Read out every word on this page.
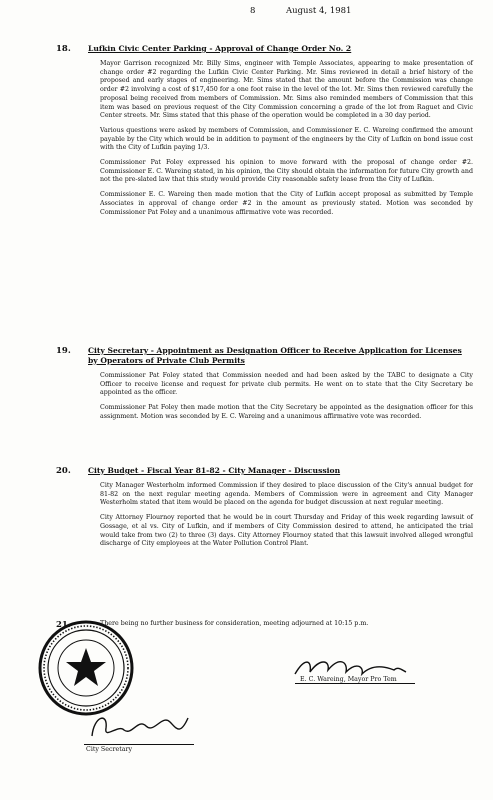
8	August 4, 1981
18. Lufkin Civic Center Parking - Approval of Change Order No. 2
Mayor Garrison recognized Mr. Billy Sims, engineer with Temple Associates, appearing to make presentation of change order #2 regarding the Lufkin Civic Center Parking. Mr. Sims reviewed in detail a brief history of the proposed and early stages of engineering. Mr. Sims stated that the amount before the Commission was change order #2 involving a cost of $17,450 for a one foot raise in the level of the lot. Mr. Sims then reviewed carefully the proposal being received from members of Commission. Mr. Sims also reminded members of Commission that this item was based on previous request of the City Commission concerning a grade of the lot from Raguet and Civic Center streets. Mr. Sims stated that this phase of the operation would be completed in a 30 day period.
Various questions were asked by members of Commission, and Commissioner E. C. Wareing confirmed the amount payable by the City which would be in addition to payment of the engineers by the City of Lufkin on bond issue cost with the City of Lufkin paying 1/3.
Commissioner Pat Foley expressed his opinion to move forward with the proposal of change order #2. Commissioner E. C. Wareing stated, in his opinion, the City should obtain the information for future City growth and not the pre-slated law that this study would provide City reasonable safety lease from the City of Lufkin.
Commissioner E. C. Wareing then made motion that the City of Lufkin accept proposal as submitted by Temple Associates in approval of change order #2 in the amount as previously stated. Motion was seconded by Commissioner Pat Foley and a unanimous affirmative vote was recorded.
19. City Secretary - Appointment as Designation Officer to Receive Application for Licenses by Operators of Private Club Permits
Commissioner Pat Foley stated that Commission needed and had been asked by the TABC to designate a City Officer to receive license and request for private club permits. He went on to state that the City Secretary be appointed as the officer.
Commissioner Pat Foley then made motion that the City Secretary be appointed as the designation officer for this assignment. Motion was seconded by E. C. Wareing and a unanimous affirmative vote was recorded.
20. City Budget - Fiscal Year 81-82 - City Manager - Discussion
City Manager Westerholm informed Commission if they desired to place discussion of the City's annual budget for 81-82 on the next regular meeting agenda. Members of Commission were in agreement and City Manager Westerholm stated that item would be placed on the agenda for budget discussion at next regular meeting.
City Attorney Flournoy reported that he would be in court Thursday and Friday of this week regarding lawsuit of Gossage, et al vs. City of Lufkin, and if members of City Commission desired to attend, he anticipated the trial would take from two (2) to three (3) days. City Attorney Flournoy stated that this lawsuit involved alleged wrongful discharge of City employees at the Water Pollution Control Plant.
21.	There being no further business for consideration, meeting adjourned at 10:15 p.m.
E. C. Wareing, Mayor Pro Tem
City Secretary
